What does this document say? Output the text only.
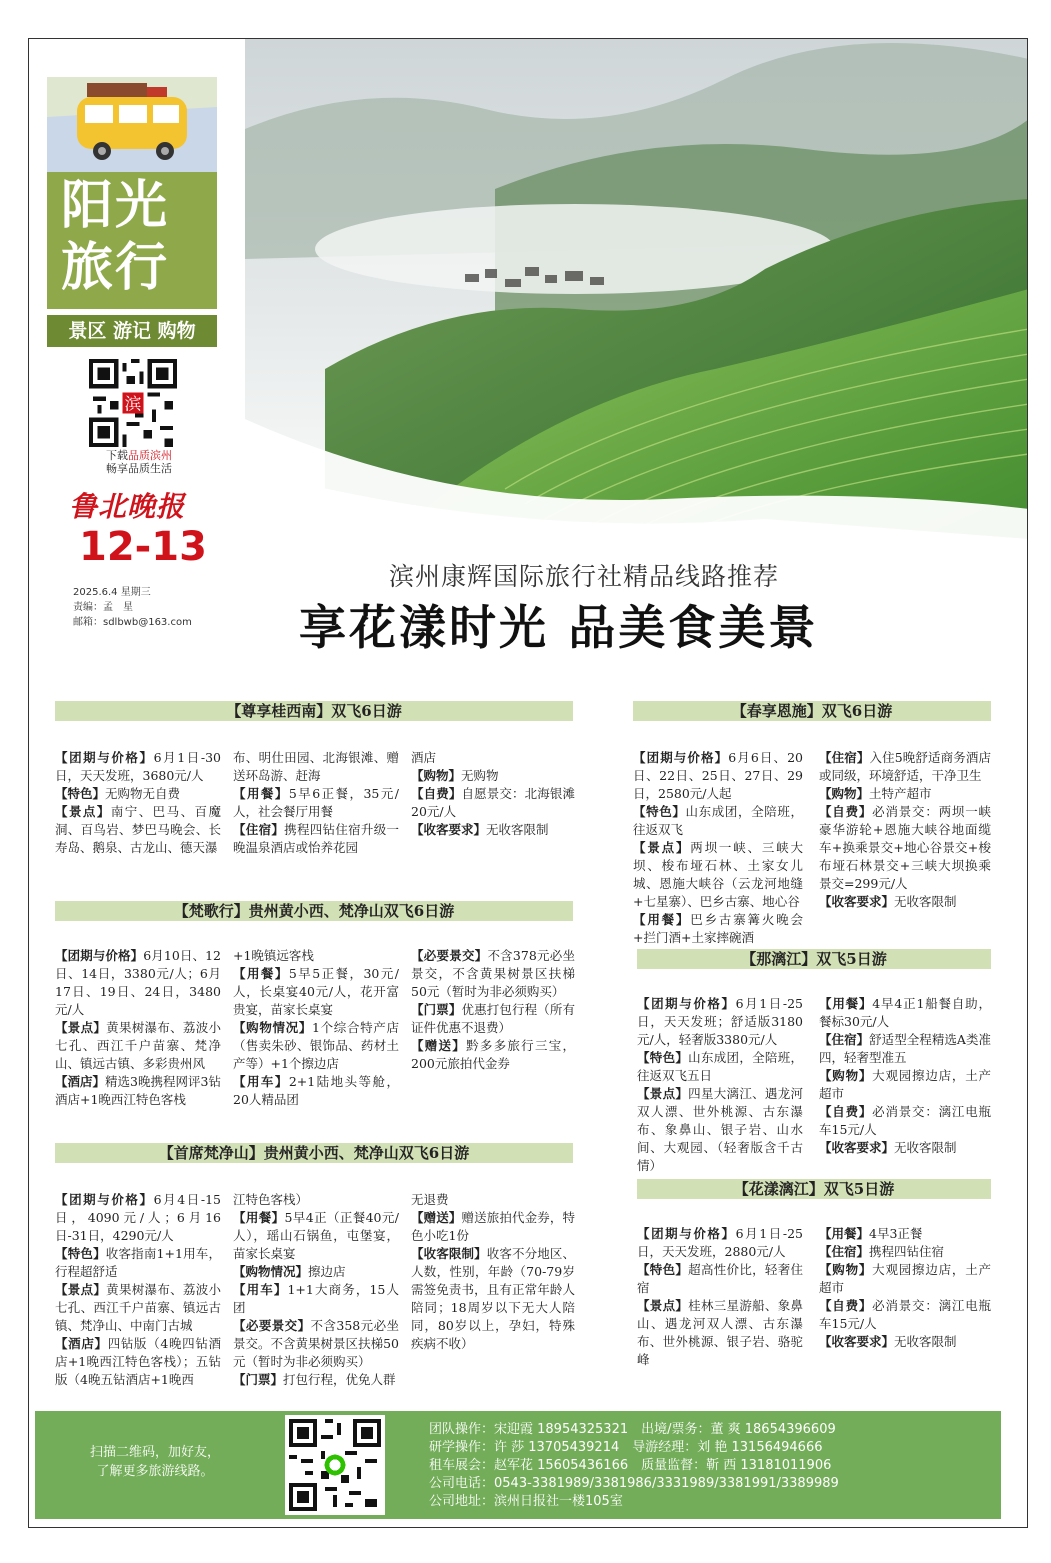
阳光
旅行
景区 游记 购物
滨
下载品质滨州
畅享品质生活
鲁北晚报
12-13
2025.6.4 星期三
责编：孟　星
邮箱：sdlbwb@163.com
滨州康辉国际旅行社精品线路推荐
享花漾时光 品美食美景
【尊享桂西南】双飞6日游

【团期与价格】6月1日-30日，天天发班，3680元/人

【特色】无购物无自费

【景点】南宁、巴马、百魔洞、百鸟岩、梦巴马晚会、长寿岛、鹅泉、古龙山、德天瀑

布、明仕田园、北海银滩、赠送环岛游、赶海

【用餐】5早6正餐，35元/人，社会餐厅用餐

【住宿】携程四钻住宿升级一晚温泉酒店或怡养花园

酒店

【购物】无购物

【自费】自愿景交：北海银滩20元/人

【收客要求】无收客限制

【梵歌行】贵州黄小西、梵净山双飞6日游

【团期与价格】6月10日、12日、14日，3380元/人；6月17日、19日、24日，3480元/人

【景点】黄果树瀑布、荔波小七孔、西江千户苗寨、梵净山、镇远古镇、多彩贵州风

【酒店】精选3晚携程网评3钻酒店+1晚西江特色客栈

+1晚镇远客栈

【用餐】5早5正餐，30元/人，长桌宴40元/人，花开富贵宴，苗家长桌宴

【购物情况】1个综合特产店（售卖朱砂、银饰品、药材土产等）+1个擦边店

【用车】2+1陆地头等舱，20人精品团

【必要景交】不含378元必坐景交，不含黄果树景区扶梯50元（暂时为非必须购买）

【门票】优惠打包行程（所有证件优惠不退费）

【赠送】黔多多旅行三宝，200元旅拍代金券

【首席梵净山】贵州黄小西、梵净山双飞6日游

【团期与价格】6月4日-15日，4090元/人；6月16日-31日，4290元/人

【特色】收客指南1+1用车，行程超舒适

【景点】黄果树瀑布、荔波小七孔、西江千户苗寨、镇远古镇、梵净山、中南门古城

【酒店】四钻版（4晚四钻酒店+1晚西江特色客栈）；五钻版（4晚五钻酒店+1晚西

江特色客栈）

【用餐】5早4正（正餐40元/人），瑶山石锅鱼，屯堡宴，苗家长桌宴

【购物情况】擦边店

【用车】1+1大商务，15人团

【必要景交】不含358元必坐景交。不含黄果树景区扶梯50元（暂时为非必须购买）

【门票】打包行程，优免人群

无退费

【赠送】赠送旅拍代金券，特色小吃1份

【收客限制】收客不分地区、人数，性别，年龄（70-79岁需签免责书，且有正常年龄人陪同；18周岁以下无大人陪同，80岁以上，孕妇，特殊疾病不收）

【春享恩施】双飞6日游

【团期与价格】6月6日、20日、22日、25日、27日、29日，2580元/人起

【特色】山东成团，全陪班，往返双飞

【景点】两坝一峡、三峡大坝、梭布垭石林、土家女儿城、恩施大峡谷（云龙河地缝+七星寨）、巴乡古寨、地心谷

【用餐】巴乡古寨篝火晚会+拦门酒+土家摔碗酒

【住宿】入住5晚舒适商务酒店或同级，环境舒适，干净卫生

【购物】土特产超市

【自费】必消景交：两坝一峡豪华游轮+恩施大峡谷地面缆车+换乘景交+地心谷景交+梭布垭石林景交+三峡大坝换乘景交=299元/人

【收客要求】无收客限制

【那漓江】双飞5日游

【团期与价格】6月1日-25日，天天发班；舒适版3180元/人，轻奢版3380元/人

【特色】山东成团，全陪班，往返双飞五日

【景点】四星大漓江、遇龙河双人漂、世外桃源、古东瀑布、象鼻山、银子岩、山水间、大观园、（轻奢版含千古情）

【用餐】4早4正1船餐自助，餐标30元/人

【住宿】舒适型全程精选A类准四，轻奢型准五

【购物】大观园擦边店，土产超市

【自费】必消景交：漓江电瓶车15元/人

【收客要求】无收客限制

【花漾漓江】双飞5日游

【团期与价格】6月1日-25日，天天发班，2880元/人

【特色】超高性价比，轻奢住宿

【景点】桂林三星游船、象鼻山、遇龙河双人漂、古东瀑布、世外桃源、银子岩、骆驼峰

【用餐】4早3正餐

【住宿】携程四钻住宿

【购物】大观园擦边店，土产超市

【自费】必消景交：漓江电瓶车15元/人

【收客要求】无收客限制

扫描二维码，加好友，了解更多旅游线路。
团队操作：宋迎霞 18954325321　出境/票务：董 爽 18654396609
研学操作：许 莎 13705439214　导游经理：刘 艳 13156494666
租车展会：赵军花 15605436166　质量监督：靳 西 13181011906
公司电话：0543-3381989/3381986/3331989/3381991/3389989
公司地址：滨州日报社一楼105室
